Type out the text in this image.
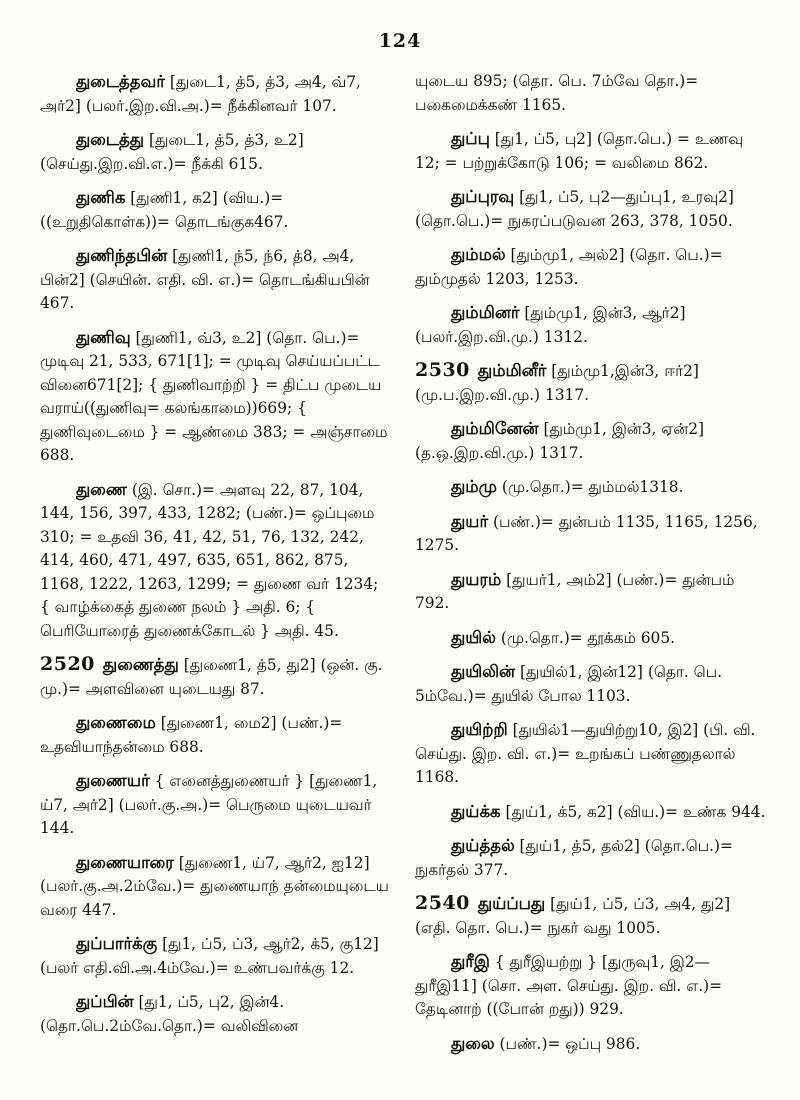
124

துடைத்தவர் [துடை1, த்5, த்3, அ4, வ்7, அர்2] (பலர்.இற.வி.அ.)= நீக்கினவர் 107.

துடைத்து [துடை1, த்5, த்3, உ2] (செய்து.இற.வி.எ.)= நீக்கி 615.

துணிக [துணி1, க2] (விய.)= ((உறுதிகொள்க))= தொடங்குக467.

துணிந்தபின் [துணி1, ந்5, ந்6, த்8, அ4, பின்2] (செயின். எதி. வி. எ.)= தொடங்கியபின் 467.

துணிவு [துணி1, வ்3, உ2] (தொ. பெ.)= முடிவு 21, 533, 671[1]; = முடிவு செய்யப்பட்ட வினை671[2]; { துணிவாற்றி } = திட்ப முடைய வராய்((துணிவு= கலங்காமை))669; { துணிவுடைமை } = ஆண்மை 383; = அஞ்சாமை 688.

துணை (இ. சொ.)= அளவு 22, 87, 104, 144, 156, 397, 433, 1282; (பண்.)= ஒப்புமை 310; = உதவி 36, 41, 42, 51, 76, 132, 242, 414, 460, 471, 497, 635, 651, 862, 875, 1168, 1222, 1263, 1299; = துணை வர் 1234; { வாழ்க்கைத் துணை நலம் } அதி. 6; { பெரியோரைத் துணைக்கோடல் } அதி. 45.

2520 துணைத்து [துணை1, த்5, து2] (ஒன். கு. மு.)= அளவினை யுடையது 87.

துணைமை [துணை1, மை2] (பண்.)= உதவியாந்தன்மை 688.

துணையர் { எனைத்துணையர் } [துணை1, ய்7, அர்2] (பலர்.கு.அ.)= பெருமை யுடையவர் 144.

துணையாரை [துணை1, ய்7, ஆர்2, ஐ12] (பலர்.கு.அ.2ம்வே.)= துணையாந் தன்மையுடைய வரை 447.

துப்பார்க்கு [து1, ப்5, ப்3, ஆர்2, க்5, கு12] (பலர் எதி.வி.அ.4ம்வே.)= உண்பவர்க்கு 12.

துப்பின் [து1, ப்5, பு2, இன்4. (தொ.பெ.2ம்வே.தொ.)= வலிவினை

யுடைய 895; (தொ. பெ. 7ம்வே தொ.)= பகைமைக்கண் 1165.

துப்பு [து1, ப்5, பு2] (தொ.பெ.) = உணவு 12; = பற்றுக்கோடு 106; = வலிமை 862.

துப்புரவு [து1, ப்5, பு2—துப்பு1, உரவு2] (தொ.பெ.)= நுகரப்படுவன 263, 378, 1050.

தும்மல் [தும்மு1, அல்2] (தொ. பெ.)= தும்முதல் 1203, 1253.

தும்மினர் [தும்மு1, இன்3, ஆர்2] (பலர்.இற.வி.மு.) 1312.

2530 தும்மினீர் [தும்மு1,இன்3, ஈர்2] (மு.ப.இற.வி.மு.) 1317.

தும்மினேன் [தும்மு1, இன்3, ஏன்2] (த.ஒ.இற.வி.மு.) 1317.

தும்மு (மு.தொ.)= தும்மல்1318.

துயர் (பண்.)= துன்பம் 1135, 1165, 1256, 1275.

துயரம் [துயர்1, அம்2] (பண்.)= துன்பம் 792.

துயில் (மு.தொ.)= தூக்கம் 605.

துயிலின் [துயில்1, இன்12] (தொ. பெ. 5ம்வே.)= துயில் போல 1103.

துயிற்றி [துயில்1—துயிற்று10, இ2] (பி. வி. செய்து. இற. வி. எ.)= உறங்கப் பண்ணுதலால் 1168.

துய்க்க [துய்1, க்5, க2] (விய.)= உண்க 944.

துய்த்தல் [துய்1, த்5, தல்2] (தொ.பெ.)= நுகர்தல் 377.

2540 துய்ப்பது [துய்1, ப்5, ப்3, அ4, து2] (எதி. தொ. பெ.)= நுகர் வது 1005.

துரீஇ { துரீஇயற்று } [துருவு1, இ2—துரீஇ11] (சொ. அள. செய்து. இற. வி. எ.)= தேடினாற் ((போன் றது)) 929.

துலை (பண்.)= ஒப்பு 986.
